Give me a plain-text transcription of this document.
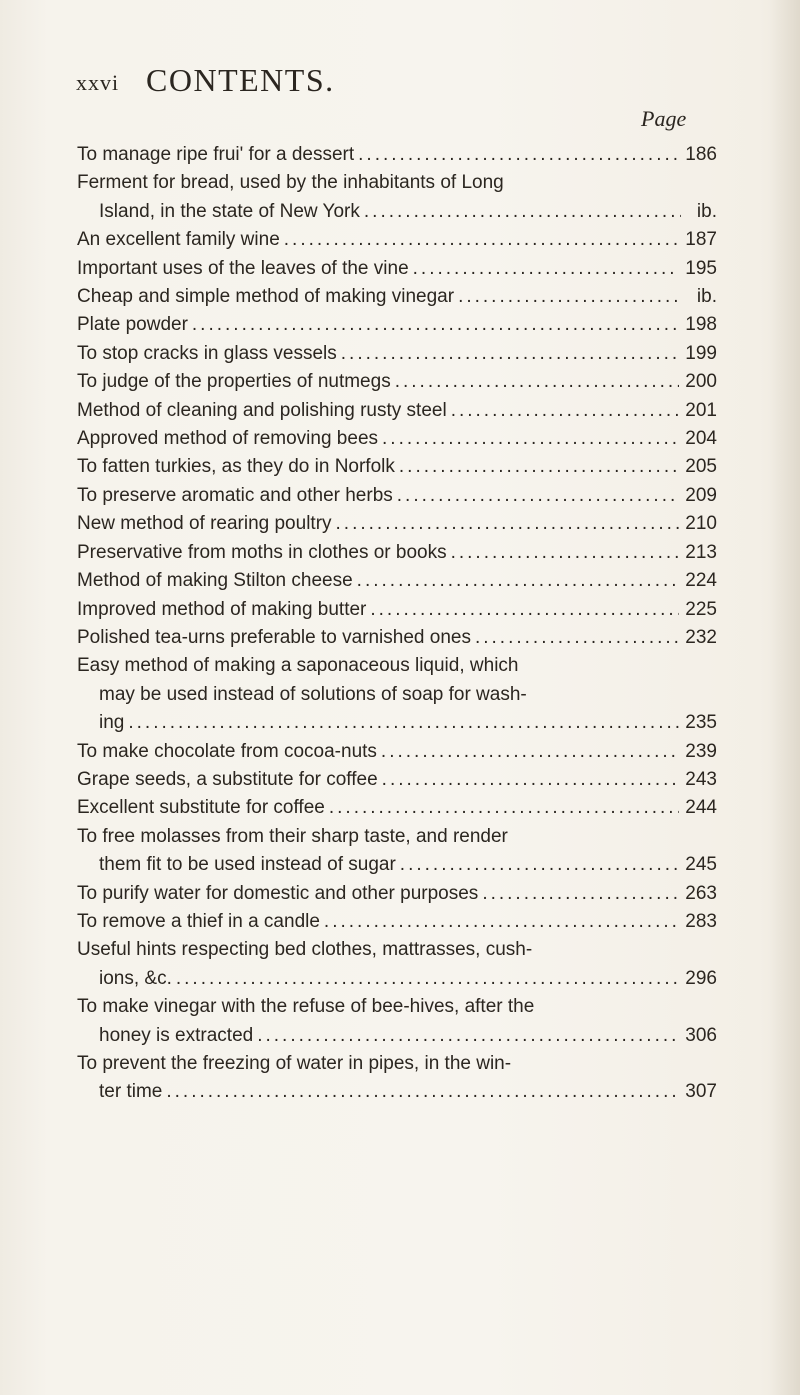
xxvi CONTENTS.
Page
To manage ripe frui' for a dessert .....	186
Ferment for bread, used by the inhabitants of Long
Island, in the state of New York .....	ib.
An excellent family wine .....	187
Important uses of the leaves of the vine .....	195
Cheap and simple method of making vinegar .....	ib.
Plate powder .....	198
To stop cracks in glass vessels .....	199
To judge of the properties of nutmegs .....	200
Method of cleaning and polishing rusty steel .....	201
Approved method of removing bees .....	204
To fatten turkies, as they do in Norfolk .....	205
To preserve aromatic and other herbs .....	209
New method of rearing poultry .....	210
Preservative from moths in clothes or books .....	213
Method of making Stilton cheese .....	224
Improved method of making butter .....	225
Polished tea-urns preferable to varnished ones .....	232
Easy method of making a saponaceous liquid, which
may be used instead of solutions of soap for wash-
ing .....	235
To make chocolate from cocoa-nuts .....	239
Grape seeds, a substitute for coffee .....	243
Excellent substitute for coffee .....	244
To free molasses from their sharp taste, and render
them fit to be used instead of sugar .....	245
To purify water for domestic and other purposes .....	263
To remove a thief in a candle .....	283
Useful hints respecting bed clothes, mattrasses, cush-
ions, &c. .....	296
To make vinegar with the refuse of bee-hives, after the
honey is extracted .....	306
To prevent the freezing of water in pipes, in the win-
ter time .....	307
